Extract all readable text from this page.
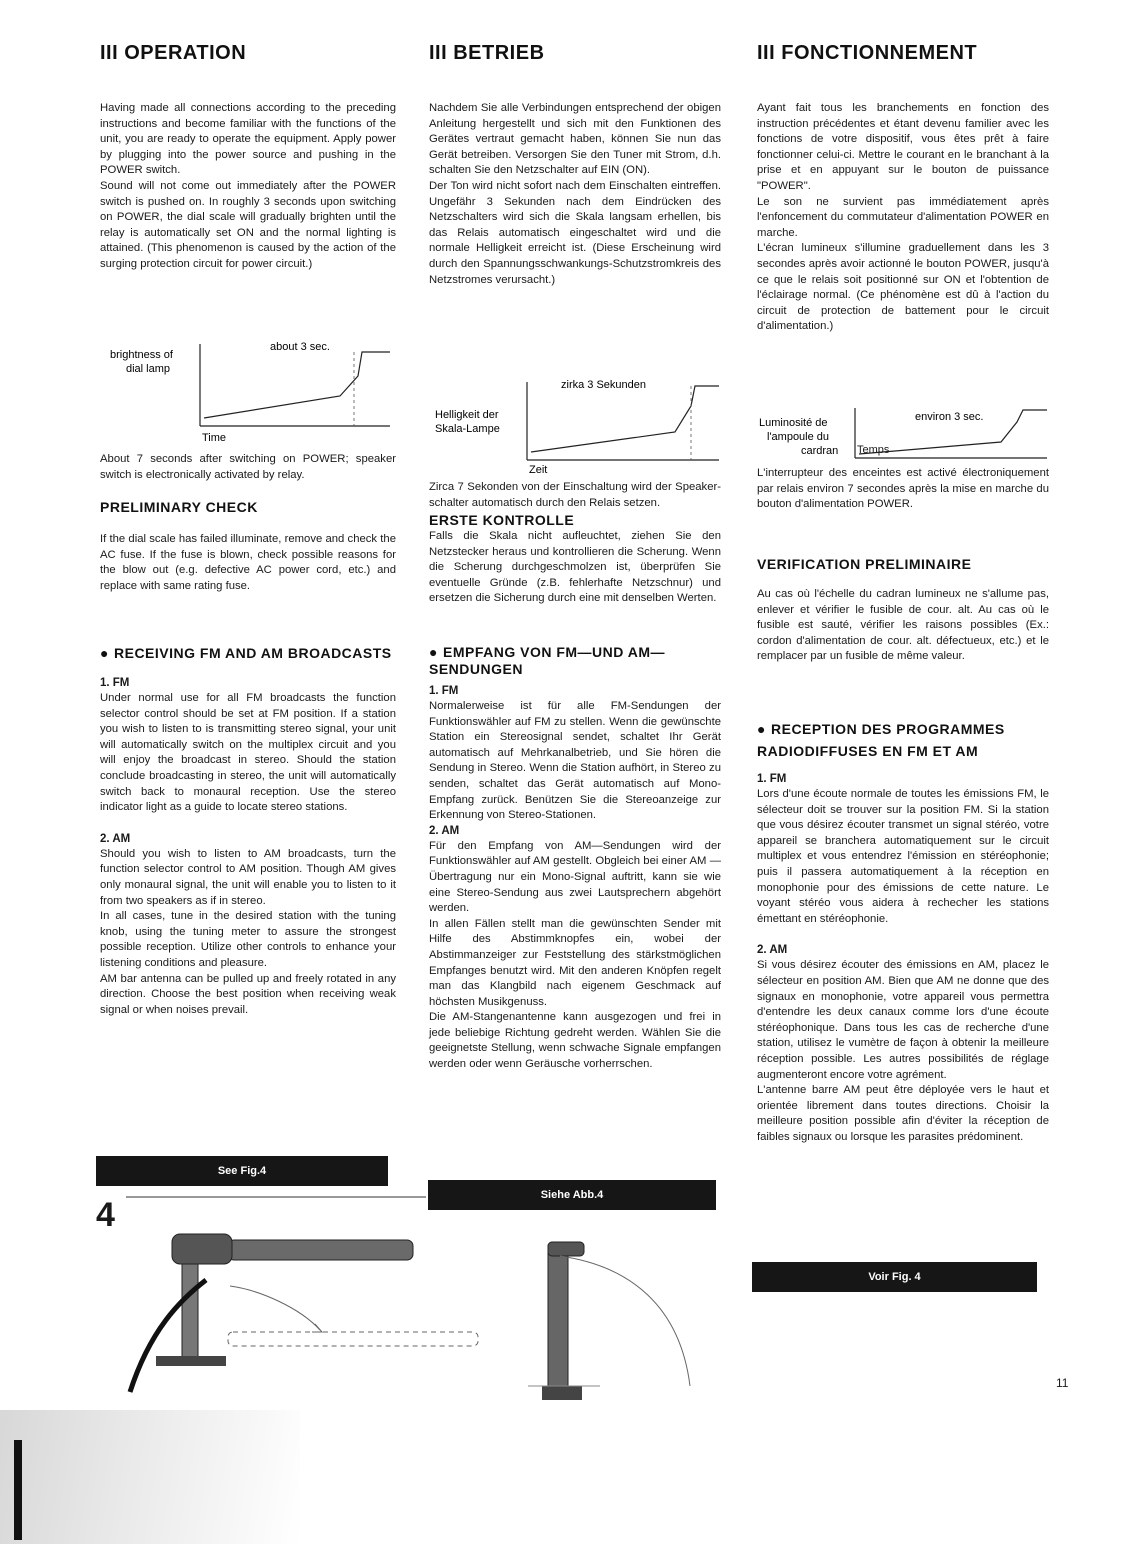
III OPERATION

Having made all connections according to the preceding instructions and become familiar with the functions of the unit, you are ready to operate the equipment. Apply power by plugging into the power source and pushing in the POWER switch.

Sound will not come out immediately after the POWER switch is pushed on. In roughly 3 seconds upon switching on POWER, the dial scale will gradually brighten until the relay is automatically set ON and the normal lighting is attained. (This phenomenon is caused by the action of the surging protection circuit for power circuit.)

brightness of
dial lamp
about 3 sec.
Time

About 7 seconds after switching on POWER; speaker switch is electronically activated by relay.

PRELIMINARY CHECK

If the dial scale has failed illuminate, remove and check the AC fuse. If the fuse is blown, check possible reasons for the blow out (e.g. defective AC power cord, etc.) and replace with same rating fuse.

● RECEIVING FM AND AM BROADCASTS
1. FM

Under normal use for all FM broadcasts the function selector control should be set at FM position. If a station you wish to listen to is transmitting stereo signal, your unit will automatically switch on the multiplex circuit and you will enjoy the broadcast in stereo. Should the station conclude broadcasting in stereo, the unit will automatically switch back to monaural reception. Use the stereo indicator light as a guide to locate stereo stations.

2. AM

Should you wish to listen to AM broadcasts, turn the function selector control to AM position. Though AM gives only monaural signal, the unit will enable you to listen to it from two speakers as if in stereo.

In all cases, tune in the desired station with the tuning knob, using the tuning meter to assure the strongest possible reception. Utilize other controls to enhance your listening conditions and pleasure.

AM bar antenna can be pulled up and freely rotated in any direction. Choose the best position when receiving weak signal or when noises prevail.

See Fig.4
III BETRIEB

Nachdem Sie alle Verbindungen entsprechend der obigen Anleitung hergestellt und sich mit den Funktionen des Gerätes vertraut gemacht haben, können Sie nun das Gerät betreiben. Versorgen Sie den Tuner mit Strom, d.h. schalten Sie den Netzschalter auf EIN (ON).

Der Ton wird nicht sofort nach dem Einschalten eintreffen. Ungefähr 3 Sekunden nach dem Eindrücken des Netzschalters wird sich die Skala langsam erhellen, bis das Relais automatisch eingeschaltet wird und die normale Helligkeit erreicht ist. (Diese Erscheinung wird durch den Spannungsschwankungs-Schutzstromkreis des Netzstromes verursacht.)

Helligkeit der
Skala-Lampe
zirka 3 Sekunden
Zeit

Zirca 7 Sekonden von der Einschaltung wird der Speaker-schalter automatisch durch den Relais setzen.

ERSTE KONTROLLE

Falls die Skala nicht aufleuchtet, ziehen Sie den Netzstecker heraus und kontrollieren die Scherung. Wenn die Scherung durchgeschmolzen ist, überprüfen Sie eventuelle Gründe (z.B. fehlerhafte Netzschnur) und ersetzen die Sicherung durch eine mit denselben Werten.

● EMPFANG VON FM—UND AM—SENDUNGEN
1. FM

Normalerweise ist für alle FM-Sendungen der Funktionswähler auf FM zu stellen. Wenn die gewünschte Station ein Stereosignal sendet, schaltet Ihr Gerät automatisch auf Mehrkanalbetrieb, und Sie hören die Sendung in Stereo. Wenn die Station aufhört, in Stereo zu senden, schaltet das Gerät automatisch auf Mono-Empfang zurück. Benützen Sie die Stereoanzeige zur Erkennung von Stereo-Stationen.

2. AM

Für den Empfang von AM—Sendungen wird der Funktionswähler auf AM gestellt. Obgleich bei einer AM — Übertragung nur ein Mono-Signal auftritt, kann sie wie eine Stereo-Sendung aus zwei Lautsprechern abgehört werden.

In allen Fällen stellt man die gewünschten Sender mit Hilfe des Abstimmknopfes ein, wobei der Abstimmanzeiger zur Feststellung des stärkstmöglichen Empfanges benutzt wird. Mit den anderen Knöpfen regelt man das Klangbild nach eigenem Geschmack auf höchsten Musikgenuss.

Die AM-Stangenantenne kann ausgezogen und frei in jede beliebige Richtung gedreht werden. Wählen Sie die geeignetste Stellung, wenn schwache Signale empfangen werden oder wenn Geräusche vorherrschen.

Siehe Abb.4
III FONCTIONNEMENT

Ayant fait tous les branchements en fonction des instruction précédentes et étant devenu familier avec les fonctions de votre dispositif, vous êtes prêt à faire fonctionner celui-ci. Mettre le courant en le branchant à la prise et en appuyant sur le bouton de puissance "POWER".

Le son ne survient pas immédiatement après l'enfoncement du commutateur d'alimentation POWER en marche.

L'écran lumineux s'illumine graduellement dans les 3 secondes après avoir actionné le bouton POWER, jusqu'à ce que le relais soit positionné sur ON et l'obtention de l'éclairage normal. (Ce phénomène est dû à l'action du circuit de protection de battement pour le circuit d'alimentation.)

Luminosité de
l'ampoule du
cardran
environ 3 sec.
Temps

L'interrupteur des enceintes est activé électroniquement par relais environ 7 secondes après la mise en marche du bouton d'alimentation POWER.

VERIFICATION PRELIMINAIRE

Au cas où l'échelle du cadran lumineux ne s'allume pas, enlever et vérifier le fusible de cour. alt. Au cas où le fusible est sauté, vérifier les raisons possibles (Ex.: cordon d'alimentation de cour. alt. défectueux, etc.) et le remplacer par un fusible de même valeur.

● RECEPTION DES PROGRAMMES RADIODIFFUSES EN FM ET AM
1. FM

Lors d'une écoute normale de toutes les émissions FM, le sélecteur doit se trouver sur la position FM. Si la station que vous désirez écouter transmet un signal stéréo, votre appareil se branchera automatiquement sur le circuit multiplex et vous entendrez l'émission en stéréophonie; puis il passera automatiquement à la réception en monophonie pour des émissions de cette nature. Le voyant stéréo vous aidera à rechecher les stations émettant en stéréophonie.

2. AM

Si vous désirez écouter des émissions en AM, placez le sélecteur en position AM. Bien que AM ne donne que des signaux en monophonie, votre appareil vous permettra d'entendre les deux canaux comme lors d'une écoute stéréophonique. Dans tous les cas de recherche d'une station, utilisez le vumètre de façon à obtenir la meilleure réception possible. Les autres possibilités de réglage augmenteront encore votre agrément.

L'antenne barre AM peut être déployée vers le haut et orientée librement dans toutes directions. Choisir la meilleure position possible afin d'éviter la réception de faibles signaux ou lorsque les parasites prédominent.

Voir Fig. 4
4
11
